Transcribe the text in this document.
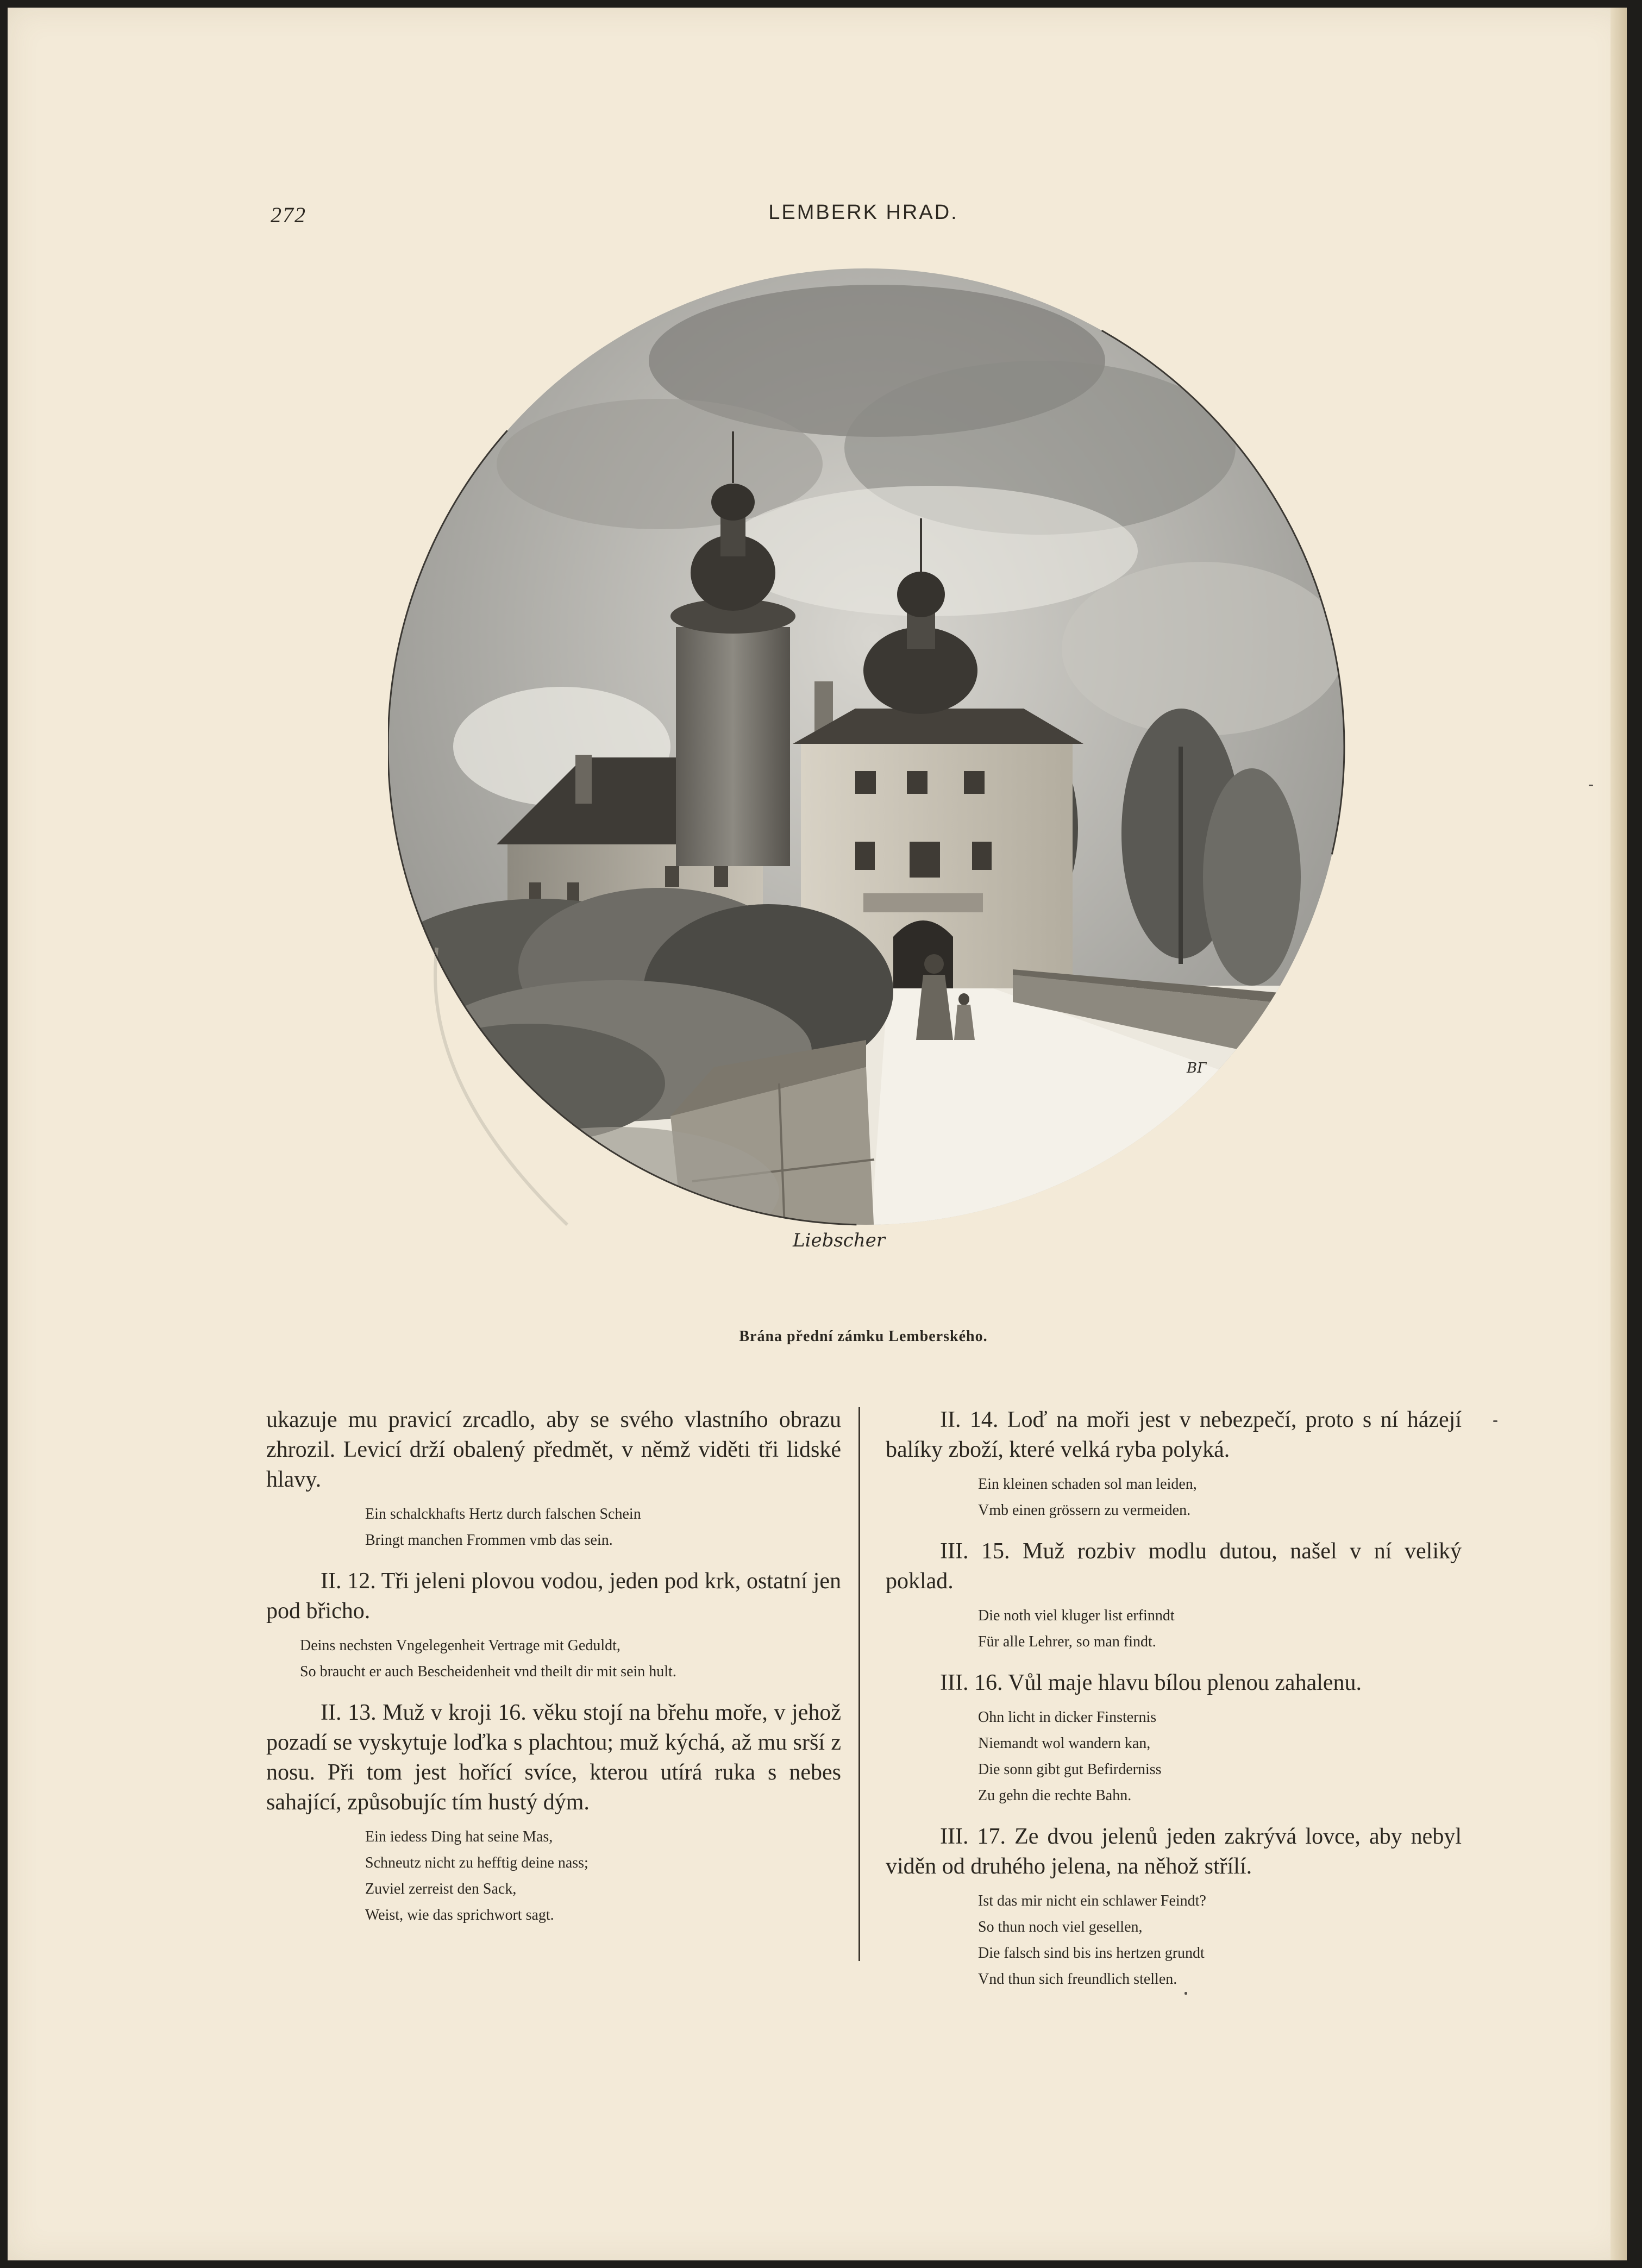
272	LEMBERK HRAD.
Liebscher
ВГ
Brána přední zámku Lemberského.

ukazuje mu pravicí zrcadlo, aby se svého vlastního obrazu zhrozil. Levicí drží obalený předmět, v němž viděti tři lidské hlavy.

Ein schalckhafts Hertz durch falschen Schein
Bringt manchen Frommen vmb das sein.

II. 12. Tři jeleni plovou vodou, jeden pod krk, ostatní jen pod břicho.

Deins nechsten Vngelegenheit Vertrage mit Geduldt,
So braucht er auch Bescheidenheit vnd theilt dir mit sein hult.

II. 13. Muž v kroji 16. věku stojí na břehu moře, v jehož pozadí se vyskytuje loďka s plachtou; muž kýchá, až mu srší z nosu. Při tom jest hořící svíce, kterou utírá ruka s nebes sahající, způsobujíc tím hustý dým.

Ein iedess Ding hat seine Mas,
Schneutz nicht zu hefftig deine nass;
Zuviel zerreist den Sack,
Weist, wie das sprichwort sagt.

II. 14. Loď na moři jest v nebezpečí, proto s ní házejí balíky zboží, které velká ryba polyká.

Ein kleinen schaden sol man leiden,
Vmb einen grössern zu vermeiden.

III. 15. Muž rozbiv modlu dutou, našel v ní veliký poklad.

Die noth viel kluger list erfinndt
Für alle Lehrer, so man findt.

III. 16. Vůl maje hlavu bílou plenou zahalenu.

Ohn licht in dicker Finsternis
Niemandt wol wandern kan,
Die sonn gibt gut Befirderniss
Zu gehn die rechte Bahn.

III. 17. Ze dvou jelenů jeden zakrývá lovce, aby nebyl viděn od druhého jelena, na něhož střílí.

Ist das mir nicht ein schlawer Feindt?
So thun noch viel gesellen,
Die falsch sind bis ins hertzen grundt
Vnd thun sich freundlich stellen.
